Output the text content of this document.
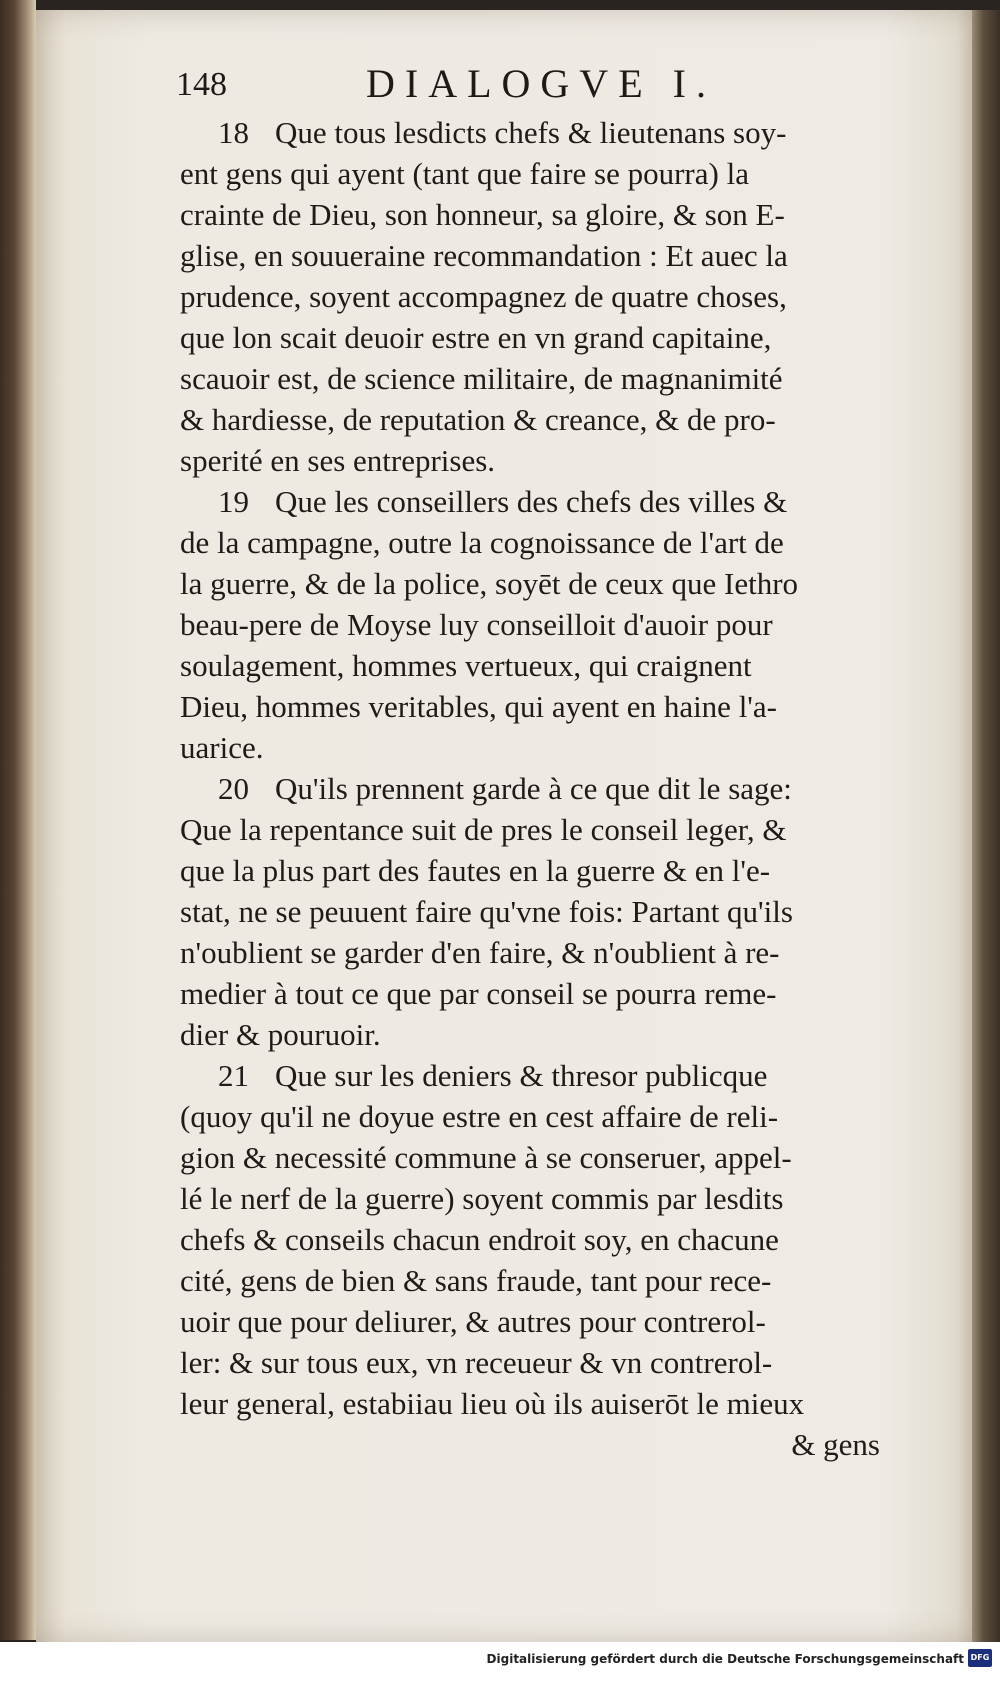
148	DIALOGVE I.
18 Que tous lesdicts chefs & lieutenans soy-
ent gens qui ayent (tant que faire se pourra) la
crainte de Dieu, son honneur, sa gloire, & son E-
glise, en souueraine recommandation : Et auec la
prudence, soyent accompagnez de quatre choses,
que lon scait deuoir estre en vn grand capitaine,
scauoir est, de science militaire, de magnanimité
& hardiesse, de reputation & creance, & de pro-
sperité en ses entreprises.
19 Que les conseillers des chefs des villes &
de la campagne, outre la cognoissance de l'art de
la guerre, & de la police, soyēt de ceux que Iethro
beau-pere de Moyse luy conseilloit d'auoir pour
soulagement, hommes vertueux, qui craignent
Dieu, hommes veritables, qui ayent en haine l'a-
uarice.
20 Qu'ils prennent garde à ce que dit le sage:
Que la repentance suit de pres le conseil leger, &
que la plus part des fautes en la guerre & en l'e-
stat, ne se peuuent faire qu'vne fois: Partant qu'ils
n'oublient se garder d'en faire, & n'oublient à re-
medier à tout ce que par conseil se pourra reme-
dier & pouruoir.
21 Que sur les deniers & thresor publicque
(quoy qu'il ne doyue estre en cest affaire de reli-
gion & necessité commune à se conseruer, appel-
lé le nerf de la guerre) soyent commis par lesdits
chefs & conseils chacun endroit soy, en chacune
cité, gens de bien & sans fraude, tant pour rece-
uoir que pour deliurer, & autres pour contrerol-
ler: & sur tous eux, vn receueur & vn contrerol-
leur general, estabiiau lieu où ils auiserōt le mieux
& gens
Digitalisierung gefördert durch die Deutsche Forschungsgemeinschaft DFG
